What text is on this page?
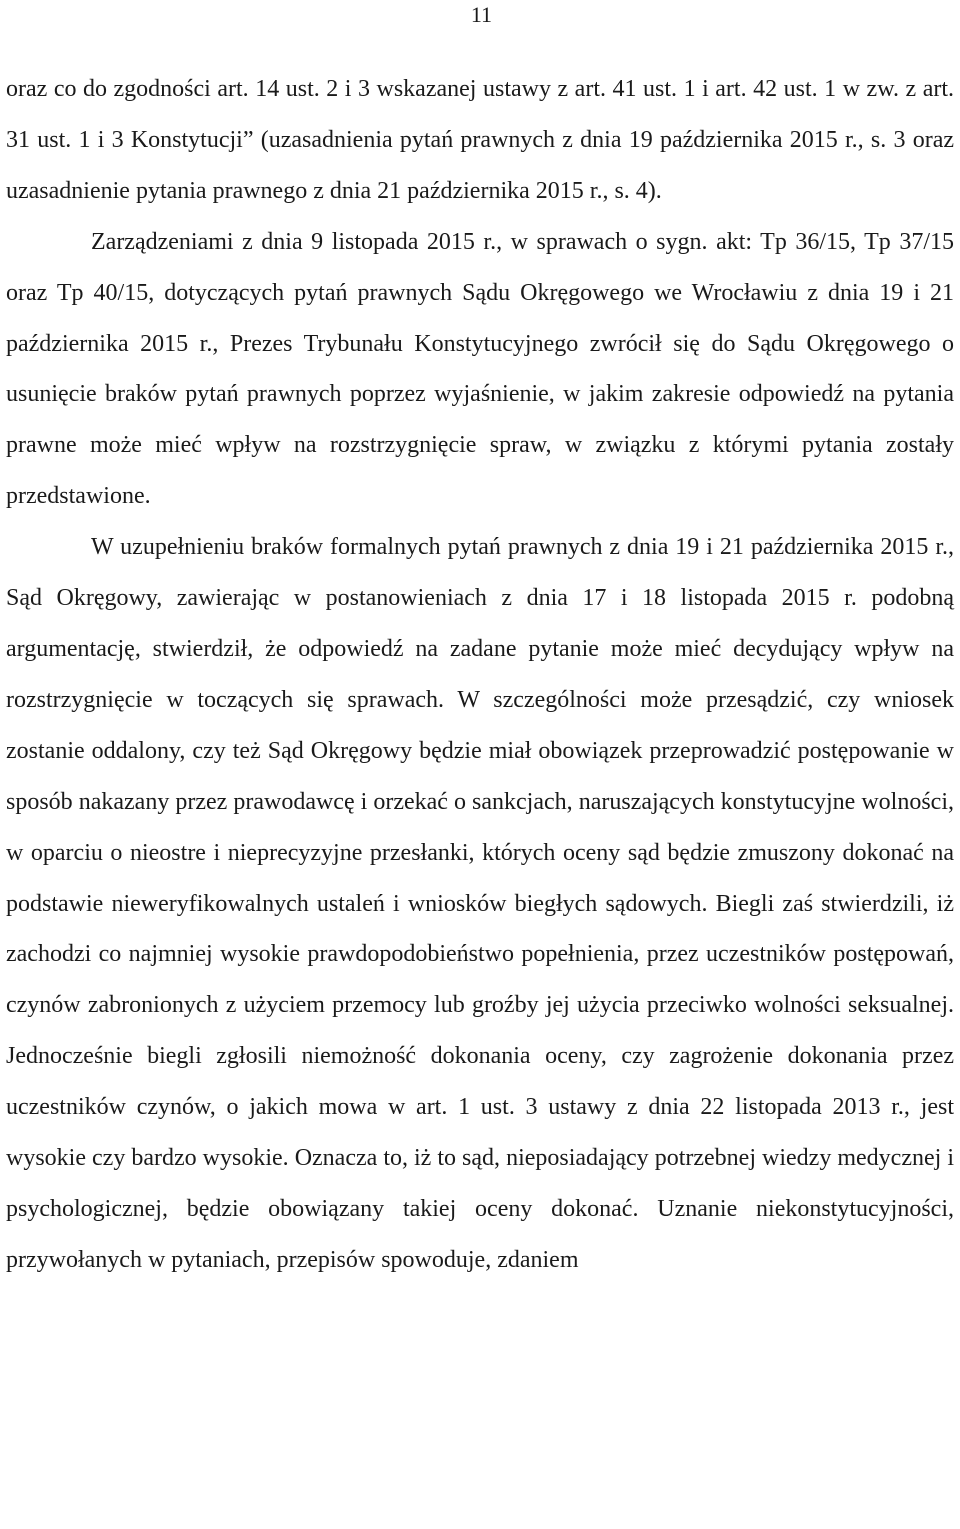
11

oraz co do zgodności art. 14 ust. 2 i 3 wskazanej ustawy z art. 41 ust. 1 i art. 42 ust. 1 w zw. z art. 31 ust. 1 i 3 Konstytucji” (uzasadnienia pytań prawnych z dnia 19 października 2015 r., s. 3 oraz uzasadnienie pytania prawnego z dnia 21 października 2015 r., s. 4).

Zarządzeniami z dnia 9 listopada 2015 r., w sprawach o sygn. akt: Tp 36/15, Tp 37/15 oraz Tp 40/15, dotyczących pytań prawnych Sądu Okręgowego we Wrocławiu z dnia 19 i 21 października 2015 r., Prezes Trybunału Konstytucyjnego zwrócił się do Sądu Okręgowego o usunięcie braków pytań prawnych poprzez wyjaśnienie, w jakim zakresie odpowiedź na pytania prawne może mieć wpływ na rozstrzygnięcie spraw, w związku z którymi pytania zostały przedstawione.

W uzupełnieniu braków formalnych pytań prawnych z dnia 19 i 21 października 2015 r., Sąd Okręgowy, zawierając w postanowieniach z dnia 17 i 18 listopada 2015 r. podobną argumentację, stwierdził, że odpowiedź na zadane pytanie może mieć decydujący wpływ na rozstrzygnięcie w toczących się sprawach. W szczególności może przesądzić, czy wniosek zostanie oddalony, czy też Sąd Okręgowy będzie miał obowiązek przeprowadzić postępowanie w sposób nakazany przez prawodawcę i orzekać o sankcjach, naruszających konstytucyjne wolności, w oparciu o nieostre i nieprecyzyjne przesłanki, których oceny sąd będzie zmuszony dokonać na podstawie nieweryfikowalnych ustaleń i wniosków biegłych sądowych. Biegli zaś stwierdzili, iż zachodzi co najmniej wysokie prawdopodobieństwo popełnienia, przez uczestników postępowań, czynów zabronionych z użyciem przemocy lub groźby jej użycia przeciwko wolności seksualnej. Jednocześnie biegli zgłosili niemożność dokonania oceny, czy zagrożenie dokonania przez uczestników czynów, o jakich mowa w art. 1 ust. 3 ustawy z dnia 22 listopada 2013 r., jest wysokie czy bardzo wysokie. Oznacza to, iż to sąd, nieposiadający potrzebnej wiedzy medycznej i psychologicznej, będzie obowiązany takiej oceny dokonać. Uznanie niekonstytucyjności, przywołanych w pytaniach, przepisów spowoduje, zdaniem
